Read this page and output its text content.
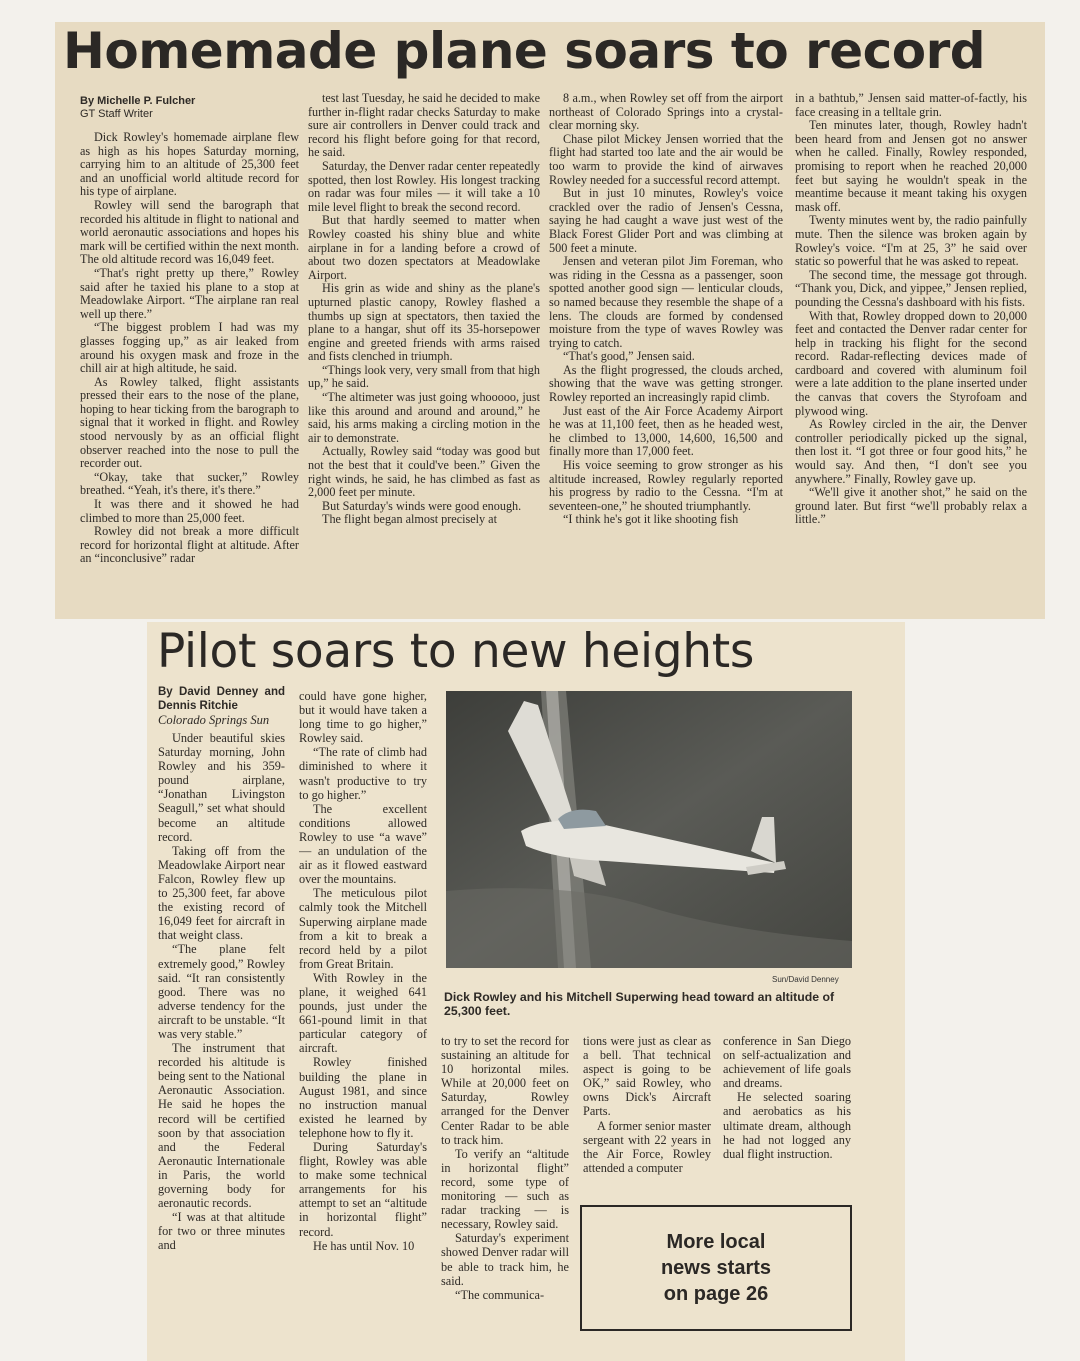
Homemade plane soars to record
By Michelle P. Fulcher
GT Staff Writer

Dick Rowley's homemade airplane flew as high as his hopes Saturday morning, carrying him to an altitude of 25,300 feet and an unofficial world altitude record for his type of airplane.

Rowley will send the barograph that recorded his altitude in flight to national and world aeronautic associations and hopes his mark will be certified within the next month. The old altitude record was 16,049 feet.

“That's right pretty up there,” Rowley said after he taxied his plane to a stop at Meadowlake Airport. “The airplane ran real well up there.”

“The biggest problem I had was my glasses fogging up,” as air leaked from around his oxygen mask and froze in the chill air at high altitude, he said.

As Rowley talked, flight assistants pressed their ears to the nose of the plane, hoping to hear ticking from the barograph to signal that it worked in flight. and Rowley stood nervously by as an official flight observer reached into the nose to pull the recorder out.

“Okay, take that sucker,” Rowley breathed. “Yeah, it's there, it's there.”

It was there and it showed he had climbed to more than 25,000 feet.

Rowley did not break a more difficult record for horizontal flight at altitude. After an “inconclusive” radar

test last Tuesday, he said he decided to make further in-flight radar checks Saturday to make sure air controllers in Denver could track and record his flight before going for that record, he said.

Saturday, the Denver radar center repeatedly spotted, then lost Rowley. His longest tracking on radar was four miles — it will take a 10 mile level flight to break the second record.

But that hardly seemed to matter when Rowley coasted his shiny blue and white airplane in for a landing before a crowd of about two dozen spectators at Meadowlake Airport.

His grin as wide and shiny as the plane's upturned plastic canopy, Rowley flashed a thumbs up sign at spectators, then taxied the plane to a hangar, shut off its 35-horsepower engine and greeted friends with arms raised and fists clenched in triumph.

“Things look very, very small from that high up,” he said.

“The altimeter was just going whooooo, just like this around and around and around,” he said, his arms making a circling motion in the air to demonstrate.

Actually, Rowley said “today was good but not the best that it could've been.” Given the right winds, he said, he has climbed as fast as 2,000 feet per minute.

But Saturday's winds were good enough.

The flight began almost precisely at

8 a.m., when Rowley set off from the airport northeast of Colorado Springs into a crystal-clear morning sky.

Chase pilot Mickey Jensen worried that the flight had started too late and the air would be too warm to provide the kind of airwaves Rowley needed for a successful record attempt.

But in just 10 minutes, Rowley's voice crackled over the radio of Jensen's Cessna, saying he had caught a wave just west of the Black Forest Glider Port and was climbing at 500 feet a minute.

Jensen and veteran pilot Jim Foreman, who was riding in the Cessna as a passenger, soon spotted another good sign — lenticular clouds, so named because they resemble the shape of a lens. The clouds are formed by condensed moisture from the type of waves Rowley was trying to catch.

“That's good,” Jensen said.

As the flight progressed, the clouds arched, showing that the wave was getting stronger. Rowley reported an increasingly rapid climb.

Just east of the Air Force Academy Airport he was at 11,100 feet, then as he headed west, he climbed to 13,000, 14,600, 16,500 and finally more than 17,000 feet.

His voice seeming to grow stronger as his altitude increased, Rowley regularly reported his progress by radio to the Cessna. “I'm at seventeen-one,” he shouted triumphantly.

“I think he's got it like shooting fish

in a bathtub,” Jensen said matter-of-factly, his face creasing in a telltale grin.

Ten minutes later, though, Rowley hadn't been heard from and Jensen got no answer when he called. Finally, Rowley responded, promising to report when he reached 20,000 feet but saying he wouldn't speak in the meantime because it meant taking his oxygen mask off.

Twenty minutes went by, the radio painfully mute. Then the silence was broken again by Rowley's voice. “I'm at 25, 3” he said over static so powerful that he was asked to repeat.

The second time, the message got through. “Thank you, Dick, and yippee,” Jensen replied, pounding the Cessna's dashboard with his fists.

With that, Rowley dropped down to 20,000 feet and contacted the Denver radar center for help in tracking his flight for the second record. Radar-reflecting devices made of cardboard and covered with aluminum foil were a late addition to the plane inserted under the canvas that covers the Styrofoam and plywood wing.

As Rowley circled in the air, the Denver controller periodically picked up the signal, then lost it. “I got three or four good hits,” he would say. And then, “I don't see you anywhere.” Finally, Rowley gave up.

“We'll give it another shot,” he said on the ground later. But first “we'll probably relax a little.”

Pilot soars to new heights
By David Denney and Dennis Ritchie
Colorado Springs Sun

Under beautiful skies Saturday morning, John Rowley and his 359-pound airplane, “Jonathan Livingston Seagull,” set what should become an altitude record.

Taking off from the Meadowlake Airport near Falcon, Rowley flew up to 25,300 feet, far above the existing record of 16,049 feet for aircraft in that weight class.

“The plane felt extremely good,” Rowley said. “It ran consistently good. There was no adverse tendency for the aircraft to be unstable. “It was very stable.”

The instrument that recorded his altitude is being sent to the National Aeronautic Association. He said he hopes the record will be certified soon by that association and the Federal Aeronautic Internationale in Paris, the world governing body for aeronautic records.

“I was at that altitude for two or three minutes and

could have gone higher, but it would have taken a long time to go higher,” Rowley said.

“The rate of climb had diminished to where it wasn't productive to try to go higher.”

The excellent conditions allowed Rowley to use “a wave” — an undulation of the air as it flowed eastward over the mountains.

The meticulous pilot calmly took the Mitchell Superwing airplane made from a kit to break a record held by a pilot from Great Britain.

With Rowley in the plane, it weighed 641 pounds, just under the 661-pound limit in that particular category of aircraft.

Rowley finished building the plane in August 1981, and since no instruction manual existed he learned by telephone how to fly it.

During Saturday's flight, Rowley was able to make some technical arrangements for his attempt to set an “altitude in horizontal flight” record.

He has until Nov. 10

Sun/David Denney
Dick Rowley and his Mitchell Superwing head toward an altitude of 25,300 feet.

to try to set the record for sustaining an altitude for 10 horizontal miles. While at 20,000 feet on Saturday, Rowley arranged for the Denver Center Radar to be able to track him.

To verify an “altitude in horizontal flight” record, some type of monitoring — such as radar tracking — is necessary, Rowley said.

Saturday's experiment showed Denver radar will be able to track him, he said.

“The communica-

tions were just as clear as a bell. That technical aspect is going to be OK,” said Rowley, who owns Dick's Aircraft Parts.

A former senior master sergeant with 22 years in the Air Force, Rowley attended a computer

conference in San Diego on self-actualization and achievement of life goals and dreams.

He selected soaring and aerobatics as his ultimate dream, although he had not logged any dual flight instruction.

More local
news starts
on page 26
